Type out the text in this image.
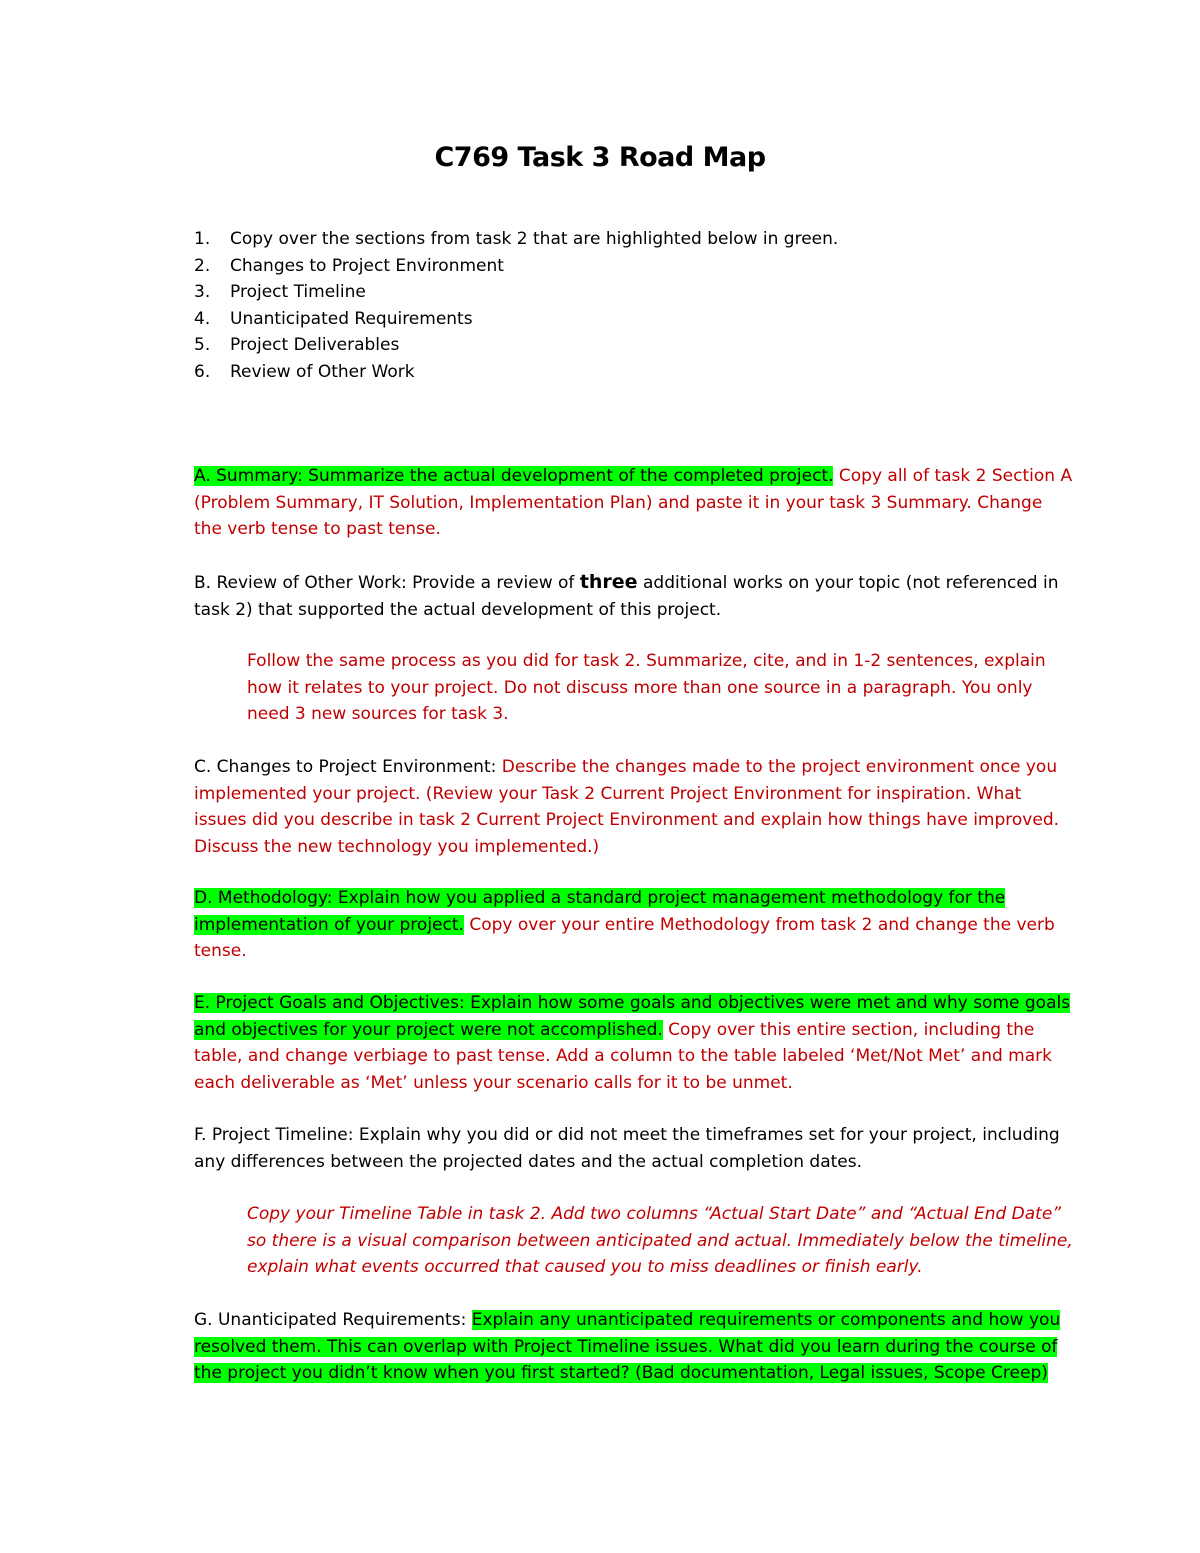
C769 Task 3 Road Map
1. Copy over the sections from task 2 that are highlighted below in green.
2. Changes to Project Environment
3. Project Timeline
4. Unanticipated Requirements
5. Project Deliverables
6. Review of Other Work

A. Summary: Summarize the actual development of the completed project. Copy all of task 2 Section A (Problem Summary, IT Solution, Implementation Plan) and paste it in your task 3 Summary. Change the verb tense to past tense.

B. Review of Other Work: Provide a review of three additional works on your topic (not referenced in task 2) that supported the actual development of this project.

Follow the same process as you did for task 2. Summarize, cite, and in 1-2 sentences, explain how it relates to your project. Do not discuss more than one source in a paragraph. You only need 3 new sources for task 3.

C. Changes to Project Environment: Describe the changes made to the project environment once you implemented your project. (Review your Task 2 Current Project Environment for inspiration. What issues did you describe in task 2 Current Project Environment and explain how things have improved. Discuss the new technology you implemented.)

D. Methodology: Explain how you applied a standard project management methodology for the implementation of your project. Copy over your entire Methodology from task 2 and change the verb tense.

E. Project Goals and Objectives: Explain how some goals and objectives were met and why some goals and objectives for your project were not accomplished. Copy over this entire section, including the table, and change verbiage to past tense. Add a column to the table labeled ‘Met/Not Met’ and mark each deliverable as ‘Met’ unless your scenario calls for it to be unmet.

F. Project Timeline: Explain why you did or did not meet the timeframes set for your project, including any differences between the projected dates and the actual completion dates.

Copy your Timeline Table in task 2. Add two columns “Actual Start Date” and “Actual End Date” so there is a visual comparison between anticipated and actual. Immediately below the timeline, explain what events occurred that caused you to miss deadlines or finish early.

G. Unanticipated Requirements: Explain any unanticipated requirements or components and how you resolved them. This can overlap with Project Timeline issues. What did you learn during the course of the project you didn’t know when you first started? (Bad documentation, Legal issues, Scope Creep)
